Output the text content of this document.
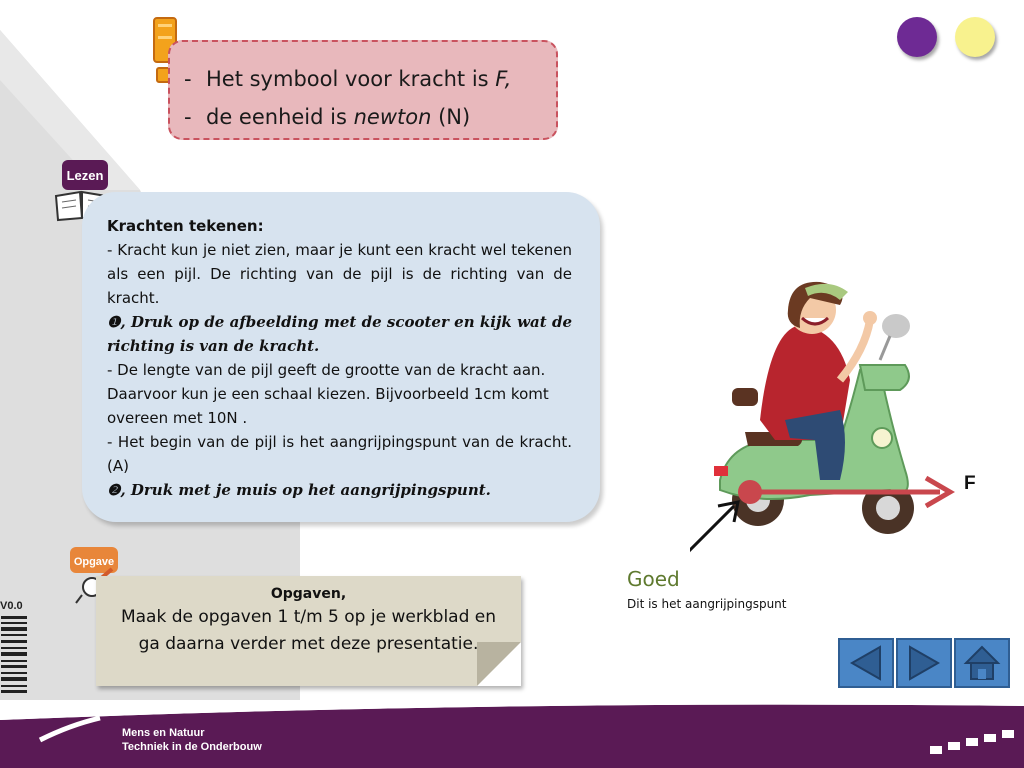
- Het symbool voor kracht is F,
- de eenheid is newton (N)
Lezen
Krachten tekenen:
- Kracht kun je niet zien, maar je kunt een kracht wel tekenen als een pijl. De richting van de pijl is de richting van de kracht.
❶, Druk op de afbeelding met de scooter en kijk wat de richting is van de kracht.
- De lengte van de pijl geeft de grootte van de kracht aan. Daarvoor kun je een schaal kiezen. Bijvoorbeeld 1cm komt overeen met 10N .
- Het begin van de pijl is het aangrijpingspunt van de kracht. (A)
❷, Druk met je muis op het aangrijpingspunt.
Opgave
Opgaven,
Maak de opgaven 1 t/m 5 op je werkblad en ga daarna verder met deze presentatie.
F
Goed
Dit is het aangrijpingspunt
V0.0
Mens en Natuur
Techniek in de Onderbouw
